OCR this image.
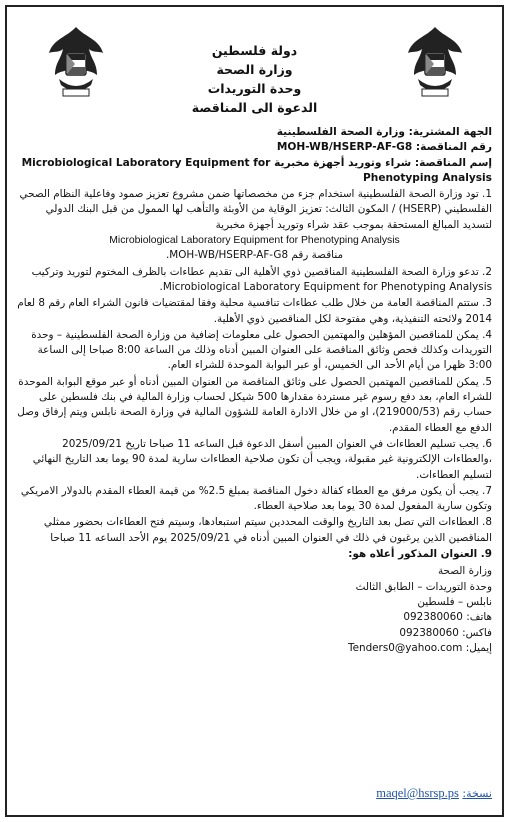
دولة فلسطين
وزارة الصحة
وحدة التوريدات
الدعوة الى المناقصة
الجهة المشترية: وزارة الصحة الفلسطينية
رقم المناقصة: MOH-WB/HSERP-AF-G8
إسم المناقصة: شراء وتوريد أجهزة مخبرية Microbiological Laboratory Equipment for Phenotyping Analysis
1. تود وزارة الصحة الفلسطينية استخدام جزء من مخصصاتها ضمن مشروع تعزيز صمود وفاعلية النظام الصحي الفلسطيني (HSERP) / المكون الثالث: تعزيز الوقاية من الأوبئة والتأهب لها الممول من قبل البنك الدولي لتسديد المبالغ المستحقة بموجب عقد شراء وتوريد أجهزة مخبرية
Microbiological Laboratory Equipment for Phenotyping Analysis
مناقصة رقم MOH-WB/HSERP-AF-G8.
2. تدعو وزارة الصحة الفلسطينية المناقصين ذوي الأهلية الى تقديم عطاءات بالظرف المختوم لتوريد وتركيب Microbiological Laboratory Equipment for Phenotyping Analysis.
3. ستتم المناقصة العامة من خلال طلب عطاءات تنافسية محلية وفقا لمقتضيات قانون الشراء العام رقم 8 لعام 2014 ولائحته التنفيذية، وهي مفتوحة لكل المناقصين ذوي الأهلية.
4. يمكن للمناقصين المؤهلين والمهتمين الحصول على معلومات إضافية من وزارة الصحة الفلسطينية – وحدة التوريدات وكذلك فحص وثائق المناقصة على العنوان المبين أدناه وذلك من الساعة 8:00 صباحا إلى الساعة 3:00 ظهرا من أيام الأحد الى الخميس، أو عبر البوابة الموحدة للشراء العام.
5. يمكن للمناقصين المهتمين الحصول على وثائق المناقصة من العنوان المبين أدناه أو عبر موقع البوابة الموحدة للشراء العام، بعد دفع رسوم غير مستردة مقدارها 500 شيكل لحساب وزارة المالية في بنك فلسطين على حساب رقم (219000/53)، او من خلال الادارة العامة للشؤون المالية في وزارة الصحة نابلس ويتم إرفاق وصل الدفع مع العطاء المقدم.
6. يجب تسليم العطاءات في العنوان المبين أسفل الدعوة قبل الساعه 11 صباحا تاريخ 2025/09/21 ،والعطاءات الإلكترونية غير مقبولة، ويجب أن تكون صلاحية العطاءات سارية لمدة 90 يوما بعد التاريخ النهائي لتسليم العطاءات.
7. يجب أن يكون مرفق مع العطاء كفالة دخول المناقصة بمبلغ 2.5% من قيمة العطاء المقدم بالدولار الامريكي وتكون سارية المفعول لمدة 30 يوما بعد صلاحية العطاء.
8. العطاءات التي تصل بعد التاريخ والوقت المحددين سيتم استبعادها، وسيتم فتح العطاءات بحضور ممثلي المناقصين الذين يرغبون في ذلك في العنوان المبين أدناه في 2025/09/21 يوم الأحد الساعه 11 صباحا
9. العنوان المذكور أعلاه هو:
وزارة الصحة
وحدة التوريدات – الطابق الثالث
نابلس – فلسطين
هاتف: 092380060
فاكس: 092380060
إيميل: Tenders0@yahoo.com
نسخة: maqel@hsrsp.ps
